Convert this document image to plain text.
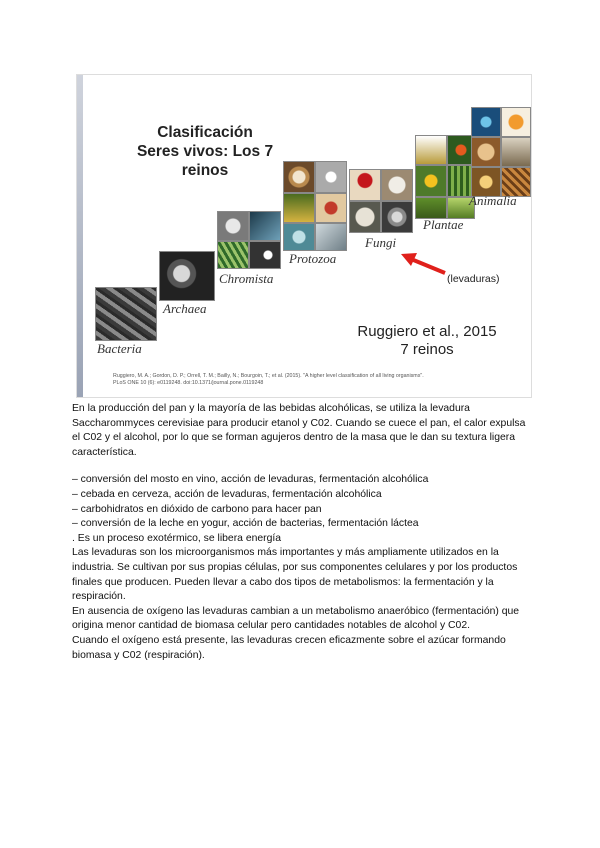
Clasificación
Seres vivos: Los 7
reinos
Bacteria
Archaea
Chromista
Protozoa
Fungi
Plantae
Animalia
(levaduras)
Ruggiero et al., 2015
7 reinos
Ruggiero, M. A.; Gordon, D. P.; Orrell, T. M.; Bailly, N.; Bourgoin, T.; et al. (2015). "A higher level classification of all living organisms".
PLoS ONE 10 (6): e0119248. doi:10.1371/journal.pone.0119248

En la producción del pan y la mayoría de las bebidas alcohólicas, se utiliza la levadura Saccharommyces cerevisiae para producir etanol y C02. Cuando se cuece el pan, el calor expulsa el C02 y el alcohol, por lo que se forman agujeros dentro de la masa que le dan su textura ligera característica.

– conversión del mosto en vino, acción de levaduras, fermentación alcohólica

– cebada en cerveza, acción de levaduras, fermentación alcohólica

– carbohidratos en dióxido de carbono para hacer pan

– conversión de la leche en yogur, acción de bacterias, fermentación láctea

. Es un proceso exotérmico, se libera energía

Las levaduras son los microorganismos más importantes y más ampliamente utilizados en la industria. Se cultivan por sus propias células, por sus componentes celulares y por los productos finales que producen. Pueden llevar a cabo dos tipos de metabolismos: la fermentación y la respiración.

En ausencia de oxígeno las levaduras cambian a un metabolismo anaeróbico (fermentación) que origina menor cantidad de biomasa celular pero cantidades notables de alcohol y C02.

Cuando el oxígeno está presente, las levaduras crecen eficazmente sobre el azúcar formando biomasa y C02 (respiración).
